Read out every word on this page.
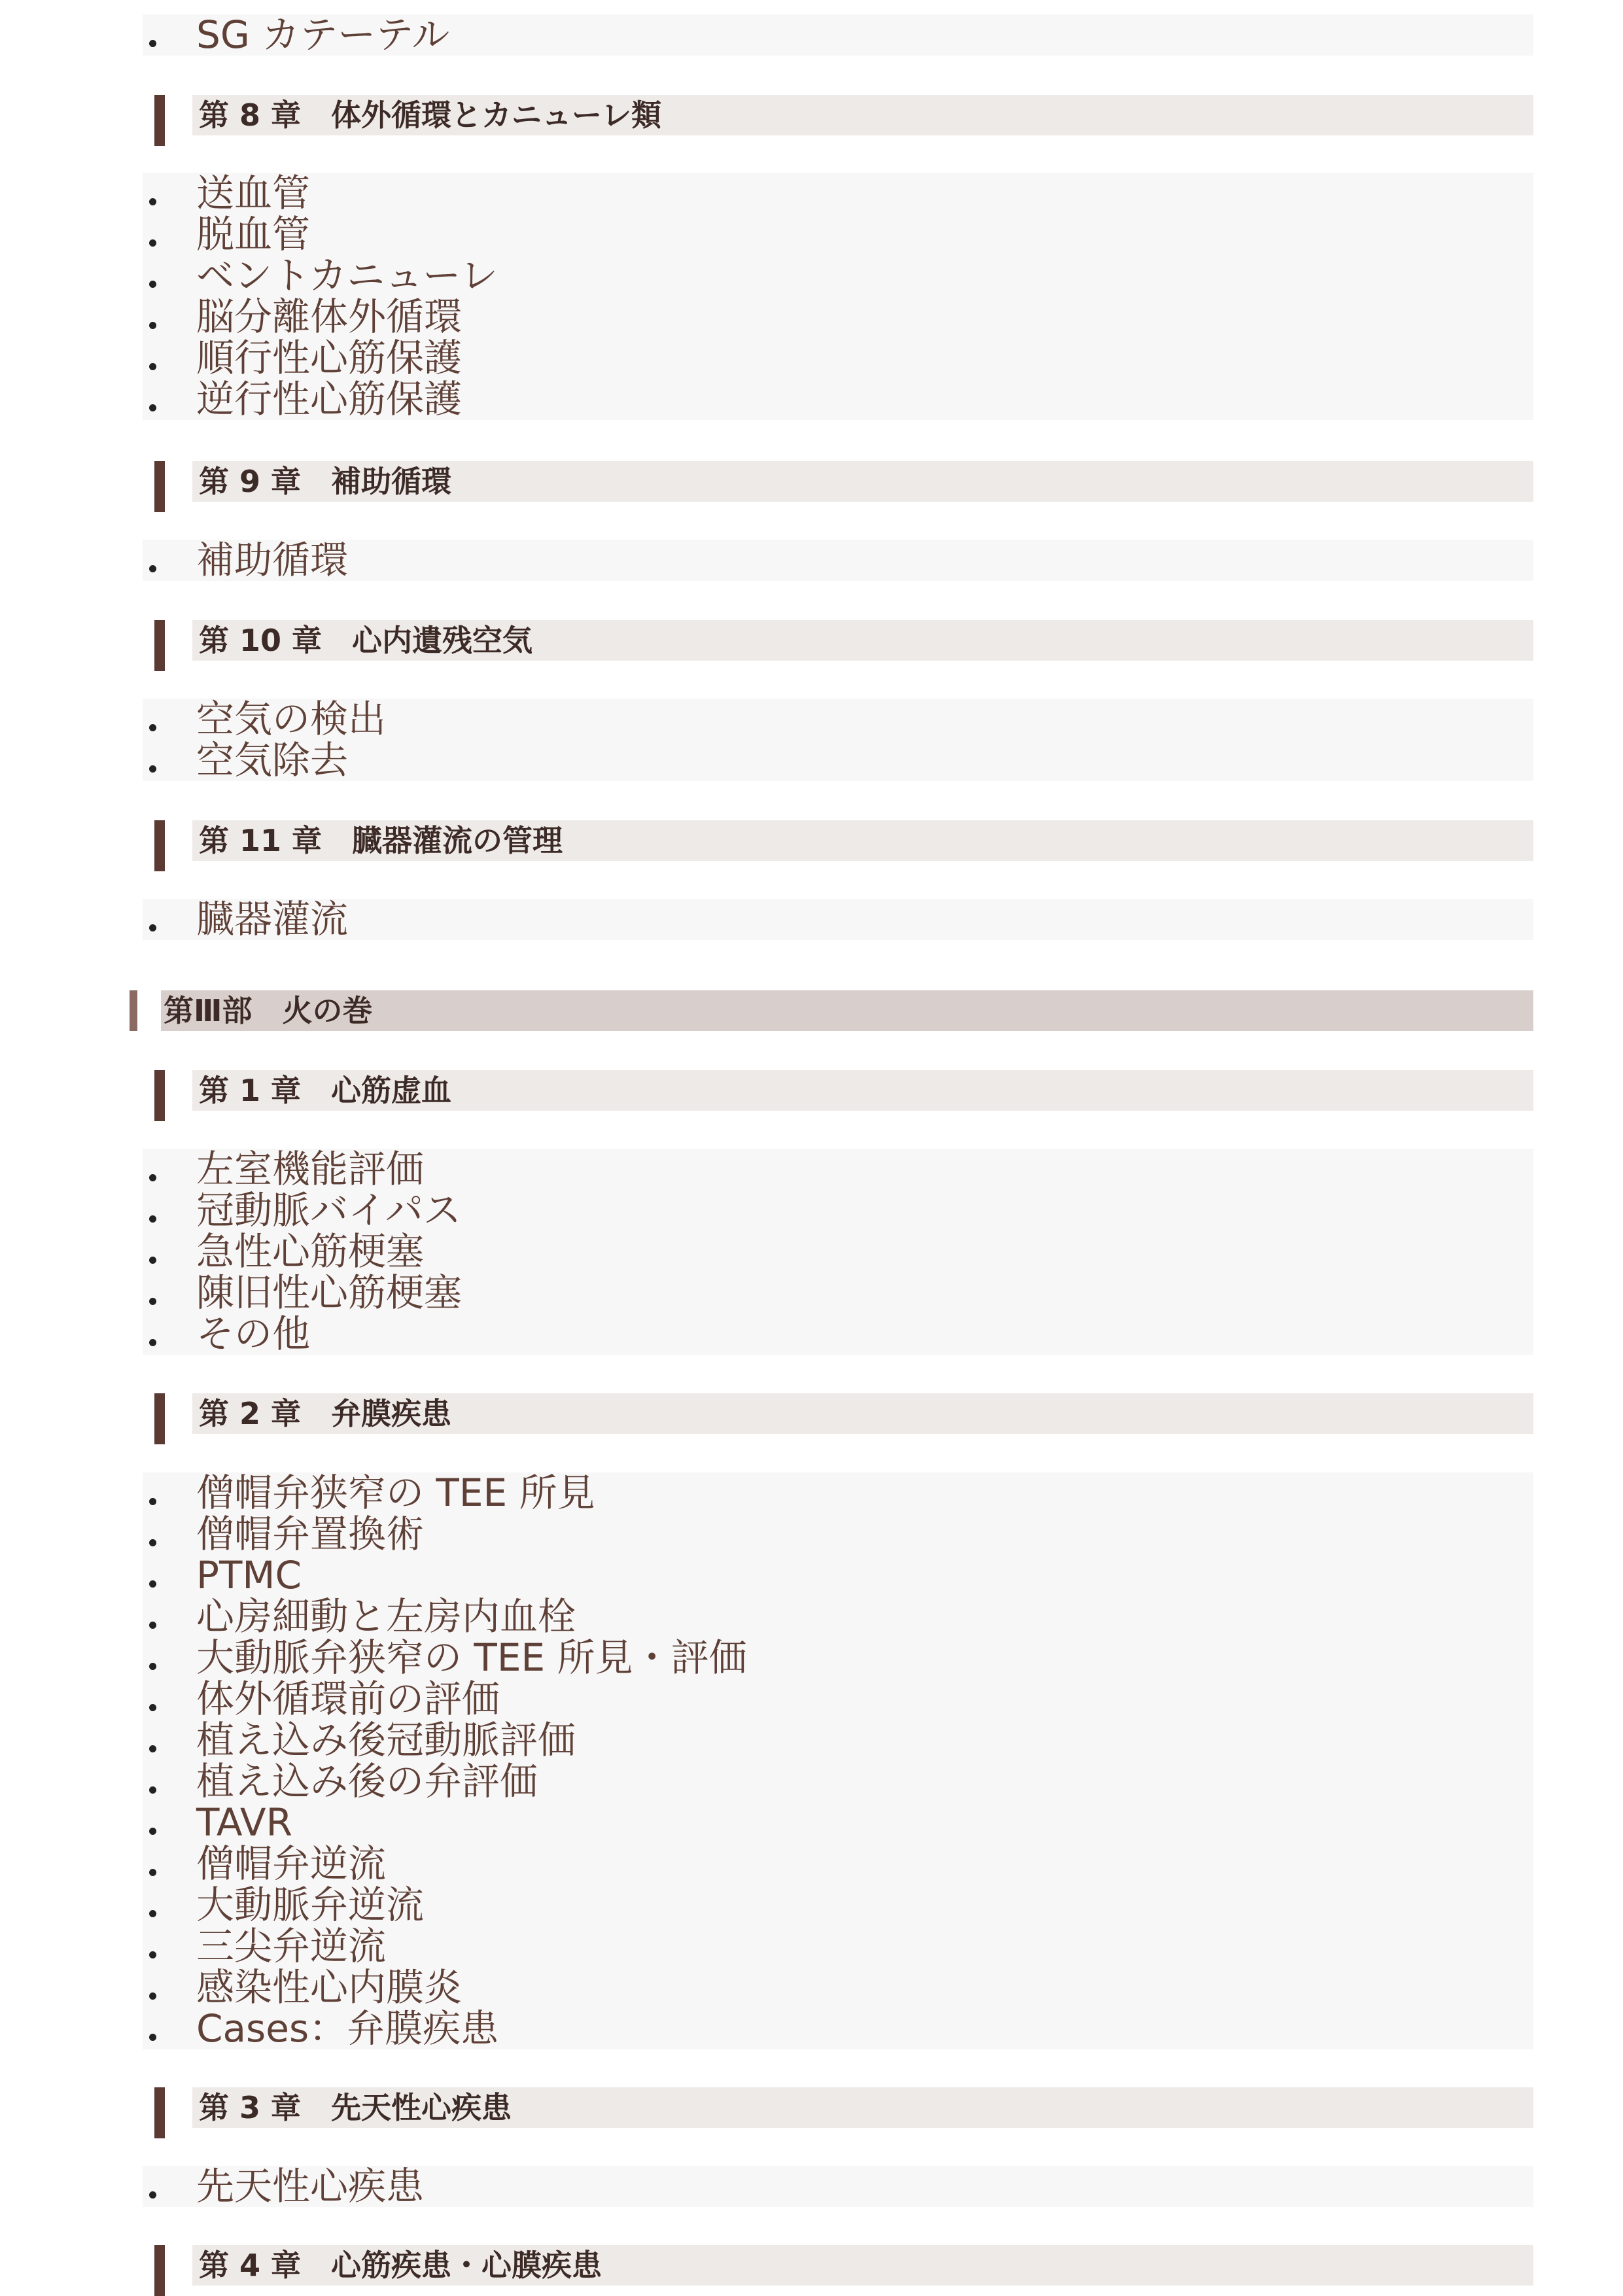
SG カテーテル
第 8 章　体外循環とカニューレ類
送血管
脱血管
ベントカニューレ
脳分離体外循環
順行性心筋保護
逆行性心筋保護
第 9 章　補助循環
補助循環
第 10 章　心内遺残空気
空気の検出
空気除去
第 11 章　臓器灌流の管理
臓器灌流
第Ⅲ部　火の巻
第 1 章　心筋虚血
左室機能評価
冠動脈バイパス
急性心筋梗塞
陳旧性心筋梗塞
その他
第 2 章　弁膜疾患
僧帽弁狭窄の TEE 所見
僧帽弁置換術
PTMC
心房細動と左房内血栓
大動脈弁狭窄の TEE 所見・評価
体外循環前の評価
植え込み後冠動脈評価
植え込み後の弁評価
TAVR
僧帽弁逆流
大動脈弁逆流
三尖弁逆流
感染性心内膜炎
Cases：弁膜疾患
第 3 章　先天性心疾患
先天性心疾患
第 4 章　心筋疾患・心膜疾患
